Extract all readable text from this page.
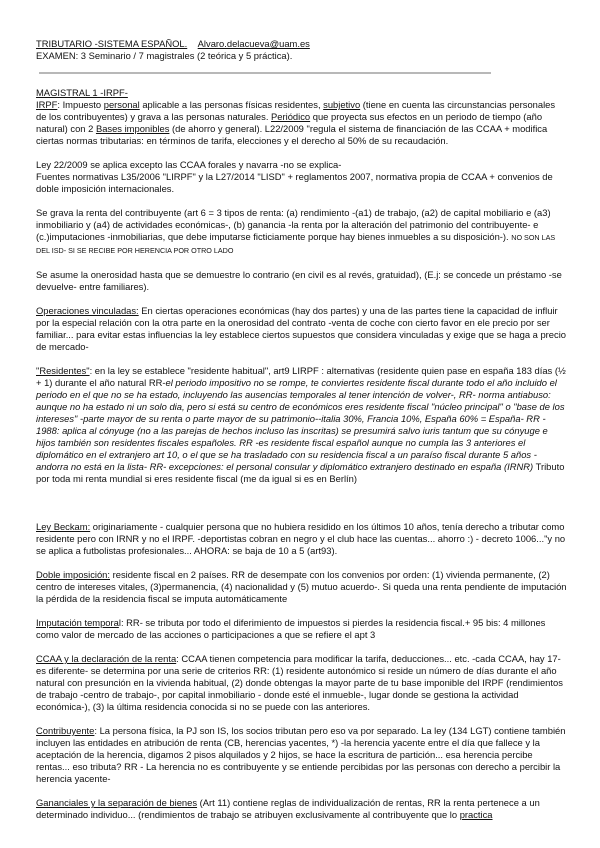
TRIBUTARIO -SISTEMA ESPAÑOL. Alvaro.delacueva@uam.es
EXAMEN: 3 Seminario / 7 magistrales (2 teórica y 5 práctica).
MAGISTRAL 1 -IRPF-
IRPF: Impuesto personal aplicable a las personas físicas residentes, subjetivo (tiene en cuenta las circunstancias personales de los contribuyentes) y grava a las personas naturales. Periódico que proyecta sus efectos en un periodo de tiempo (año natural) con 2 Bases imponibles (de ahorro y general). L22/2009 "regula el sistema de financiación de las CCAA + modifica ciertas normas tributarias: en términos de tarifa, elecciones y el derecho al 50% de su recaudación.
Ley 22/2009 se aplica excepto las CCAA forales y navarra -no se explica-
Fuentes normativas L35/2006 "LIRPF" y la L27/2014 "LISD" + reglamentos 2007, normativa propia de CCAA + convenios de doble imposición internacionales.
Se grava la renta del contribuyente (art 6 = 3 tipos de renta: (a) rendimiento -(a1) de trabajo, (a2) de capital mobiliario e (a3) inmobiliario y (a4) de actividades económicas-, (b) ganancia -la renta por la alteración del patrimonio del contribuyente- e (c.)imputaciones -inmobiliarias, que debe imputarse ficticiamente porque hay bienes inmuebles a su disposición-). NO SON LAS DEL ISD- SI SE RECIBE POR HERENCIA POR OTRO LADO
Se asume la onerosidad hasta que se demuestre lo contrario (en civil es al revés, gratuidad), (E.j: se concede un préstamo -se devuelve- entre familiares).
Operaciones vinculadas: En ciertas operaciones económicas (hay dos partes) y una de las partes tiene la capacidad de influir por la especial relación con la otra parte en la onerosidad del contrato -venta de coche con cierto favor en ele precio por ser familiar... para evitar estas influencias la ley establece ciertos supuestos que considera vinculadas y exige que se haga a precio de mercado-
"Residentes": en la ley se establece "residente habitual", art9 LIRPF : alternativas (residente quien pase en españa 183 días (½ + 1) durante el año natural RR-el periodo impositivo no se rompe, te conviertes residente fiscal durante todo el año incluido el periodo en el que no se ha estado, incluyendo las ausencias temporales al tener intención de volver-, RR- norma antiabuso: aunque no ha estado ni un solo dia, pero si está su centro de económicos eres residente fiscal "núcleo principal" o "base de los intereses" -parte mayor de su renta o parte mayor de su patrimonio--italia 30%, Francia 10%, España 60% = España- RR - 1988: aplica al cónyuge (no a las parejas de hechos incluso las inscritas) se presumirá salvo iuris tantum que su cónyuge e hijos también son residentes fiscales españoles. RR -es residente fiscal español aunque no cumpla las 3 anteriores el diplomático en el extranjero art 10, o el que se ha trasladado con su residencia fiscal a un paraíso fiscal durante 5 años -andorra no está en la lista- RR- excepciones: el personal consular y diplomático extranjero destinado en españa (IRNR) Tributo por toda mi renta mundial si eres residente fiscal (me da igual si es en Berlín)
Ley Beckam: originariamente - cualquier persona que no hubiera residido en los últimos 10 años, tenía derecho a tributar como residente pero con IRNR y no el IRPF. -deportistas cobran en negro y el club hace las cuentas... ahorro :) - decreto 1006..."y no se aplica a futbolistas profesionales... AHORA: se baja de 10 a 5 (art93).
Doble imposición: residente fiscal en 2 países. RR de desempate con los convenios por orden: (1) vivienda permanente, (2) centro de intereses vitales, (3)permanencia, (4) nacionalidad y (5) mutuo acuerdo-. Si queda una renta pendiente de imputación la pérdida de la residencia fiscal se imputa automáticamente
Imputación temporal: RR- se tributa por todo el diferimiento de impuestos si pierdes la residencia fiscal.+ 95 bis: 4 millones como valor de mercado de las acciones o participaciones a que se refiere el apt 3
CCAA y la declaración de la renta: CCAA tienen competencia para modificar la tarifa, deducciones... etc. -cada CCAA, hay 17- es diferente- se determina por una serie de criterios RR: (1) residente autonómico si reside un número de días durante el año natural con presunción en la vivienda habitual, (2) donde obtengas la mayor parte de tu base imponible del IRPF (rendimientos de trabajo -centro de trabajo-, por capital inmobiliario - donde esté el inmueble-, lugar donde se gestiona la actividad económica-), (3) la última residencia conocida si no se puede con las anteriores.
Contribuyente: La persona física, la PJ son IS, los socios tributan pero eso va por separado. La ley (134 LGT) contiene también incluyen las entidades en atribución de renta (CB, herencias yacentes, *) -la herencia yacente entre el día que fallece y la aceptación de la herencia, digamos 2 pisos alquilados y 2 hijos, se hace la escritura de partición... esa herencia percibe rentas... eso tributa? RR - La herencia no es contribuyente y se entiende percibidas por las personas con derecho a percibir la herencia yacente-
Gananciales y la separación de bienes (Art 11) contiene reglas de individualización de rentas, RR la renta pertenece a un determinado individuo... (rendimientos de trabajo se atribuyen exclusivamente al contribuyente que lo practica
